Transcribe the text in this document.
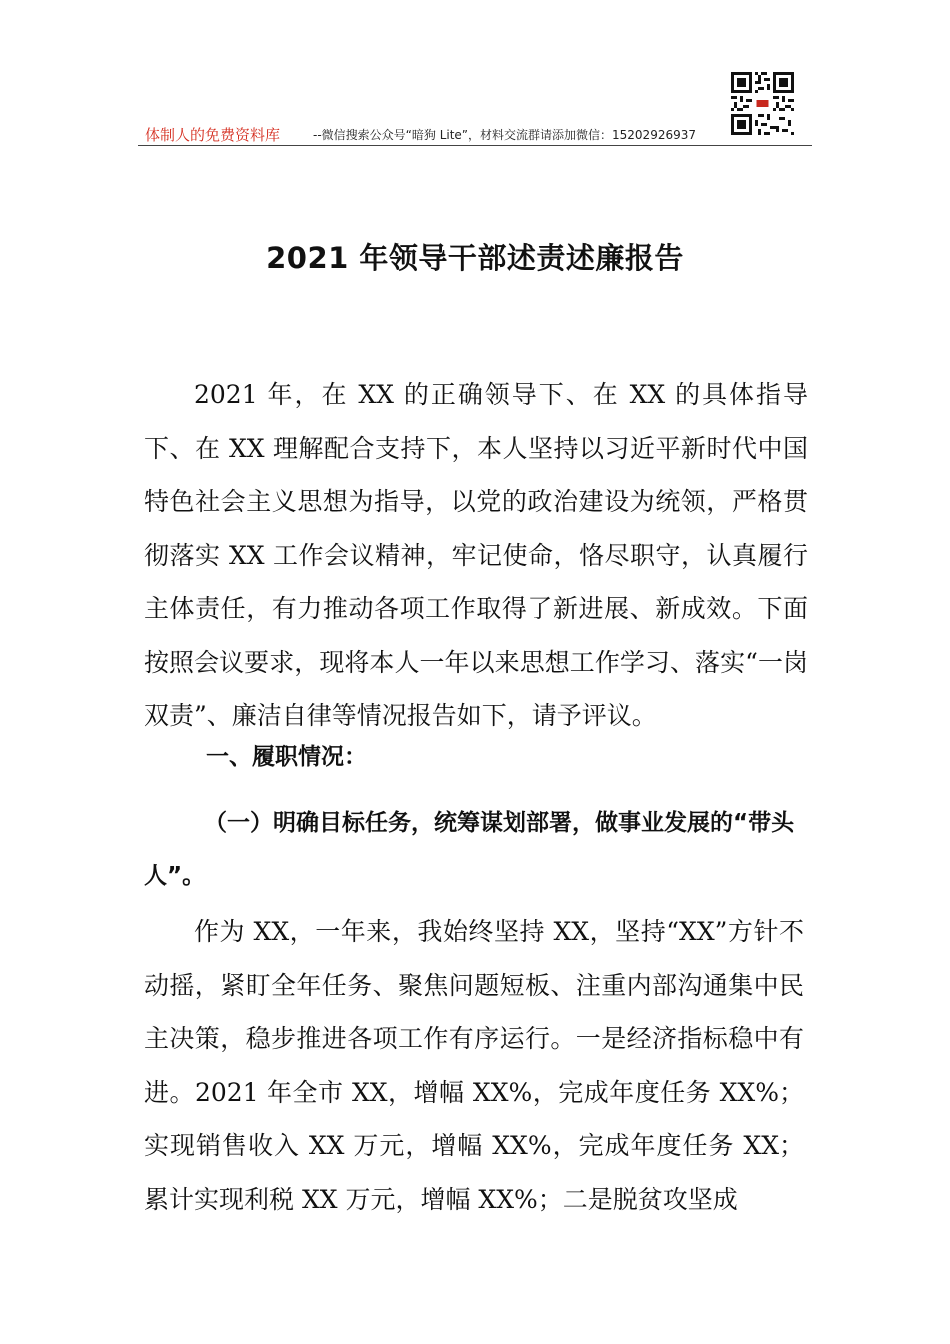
体制人的免费资料库	--微信搜索公众号“暗狗 Lite”，材料交流群请添加微信：15202926937
2021 年领导干部述责述廉报告

2021 年，在 XX 的正确领导下、在 XX 的具体指导下、在 XX 理解配合支持下，本人坚持以习近平新时代中国特色社会主义思想为指导，以党的政治建设为统领，严格贯彻落实 XX 工作会议精神，牢记使命，恪尽职守，认真履行主体责任，有力推动各项工作取得了新进展、新成效。下面按照会议要求，现将本人一年以来思想工作学习、落实“一岗双责”、廉洁自律等情况报告如下，请予评议。

一、履职情况：

（一）明确目标任务，统筹谋划部署，做事业发展的“带头人”。

作为 XX，一年来，我始终坚持 XX，坚持“XX”方针不动摇，紧盯全年任务、聚焦问题短板、注重内部沟通集中民主决策，稳步推进各项工作有序运行。一是经济指标稳中有进。2021 年全市 XX，增幅 XX%，完成年度任务 XX%；实现销售收入 XX 万元，增幅 XX%，完成年度任务 XX；累计实现利税 XX 万元，增幅 XX%；二是脱贫攻坚成
